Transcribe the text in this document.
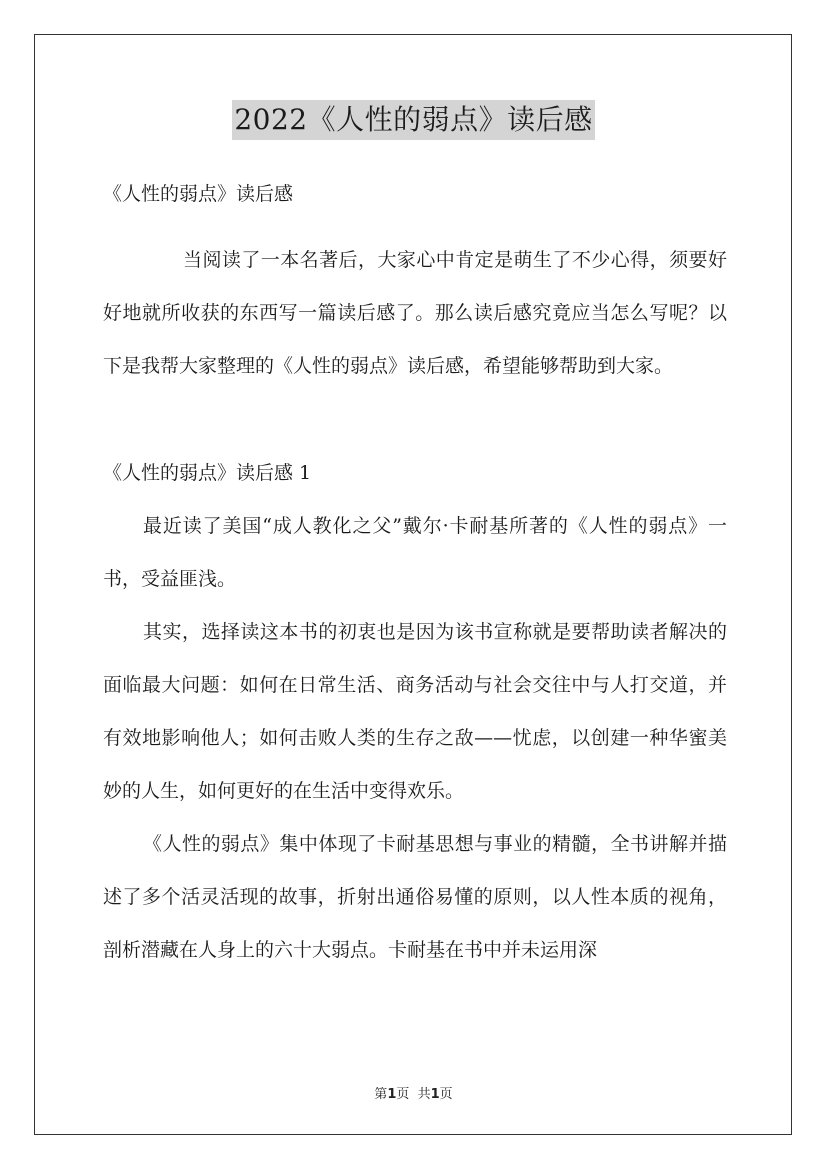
2022《人性的弱点》读后感

《人性的弱点》读后感

当阅读了一本名著后，大家心中肯定是萌生了不少心得，须要好好地就所收获的东西写一篇读后感了。那么读后感究竟应当怎么写呢？以下是我帮大家整理的《人性的弱点》读后感，希望能够帮助到大家。

《人性的弱点》读后感 1

最近读了美国“成人教化之父”戴尔·卡耐基所著的《人性的弱点》一书，受益匪浅。

其实，选择读这本书的初衷也是因为该书宣称就是要帮助读者解决的面临最大问题：如何在日常生活、商务活动与社会交往中与人打交道，并有效地影响他人；如何击败人类的生存之敌——忧虑，以创建一种华蜜美妙的人生，如何更好的在生活中变得欢乐。

《人性的弱点》集中体现了卡耐基思想与事业的精髓，全书讲解并描述了多个活灵活现的故事，折射出通俗易懂的原则，以人性本质的视角，剖析潜藏在人身上的六十大弱点。卡耐基在书中并未运用深

第1页  共1页
